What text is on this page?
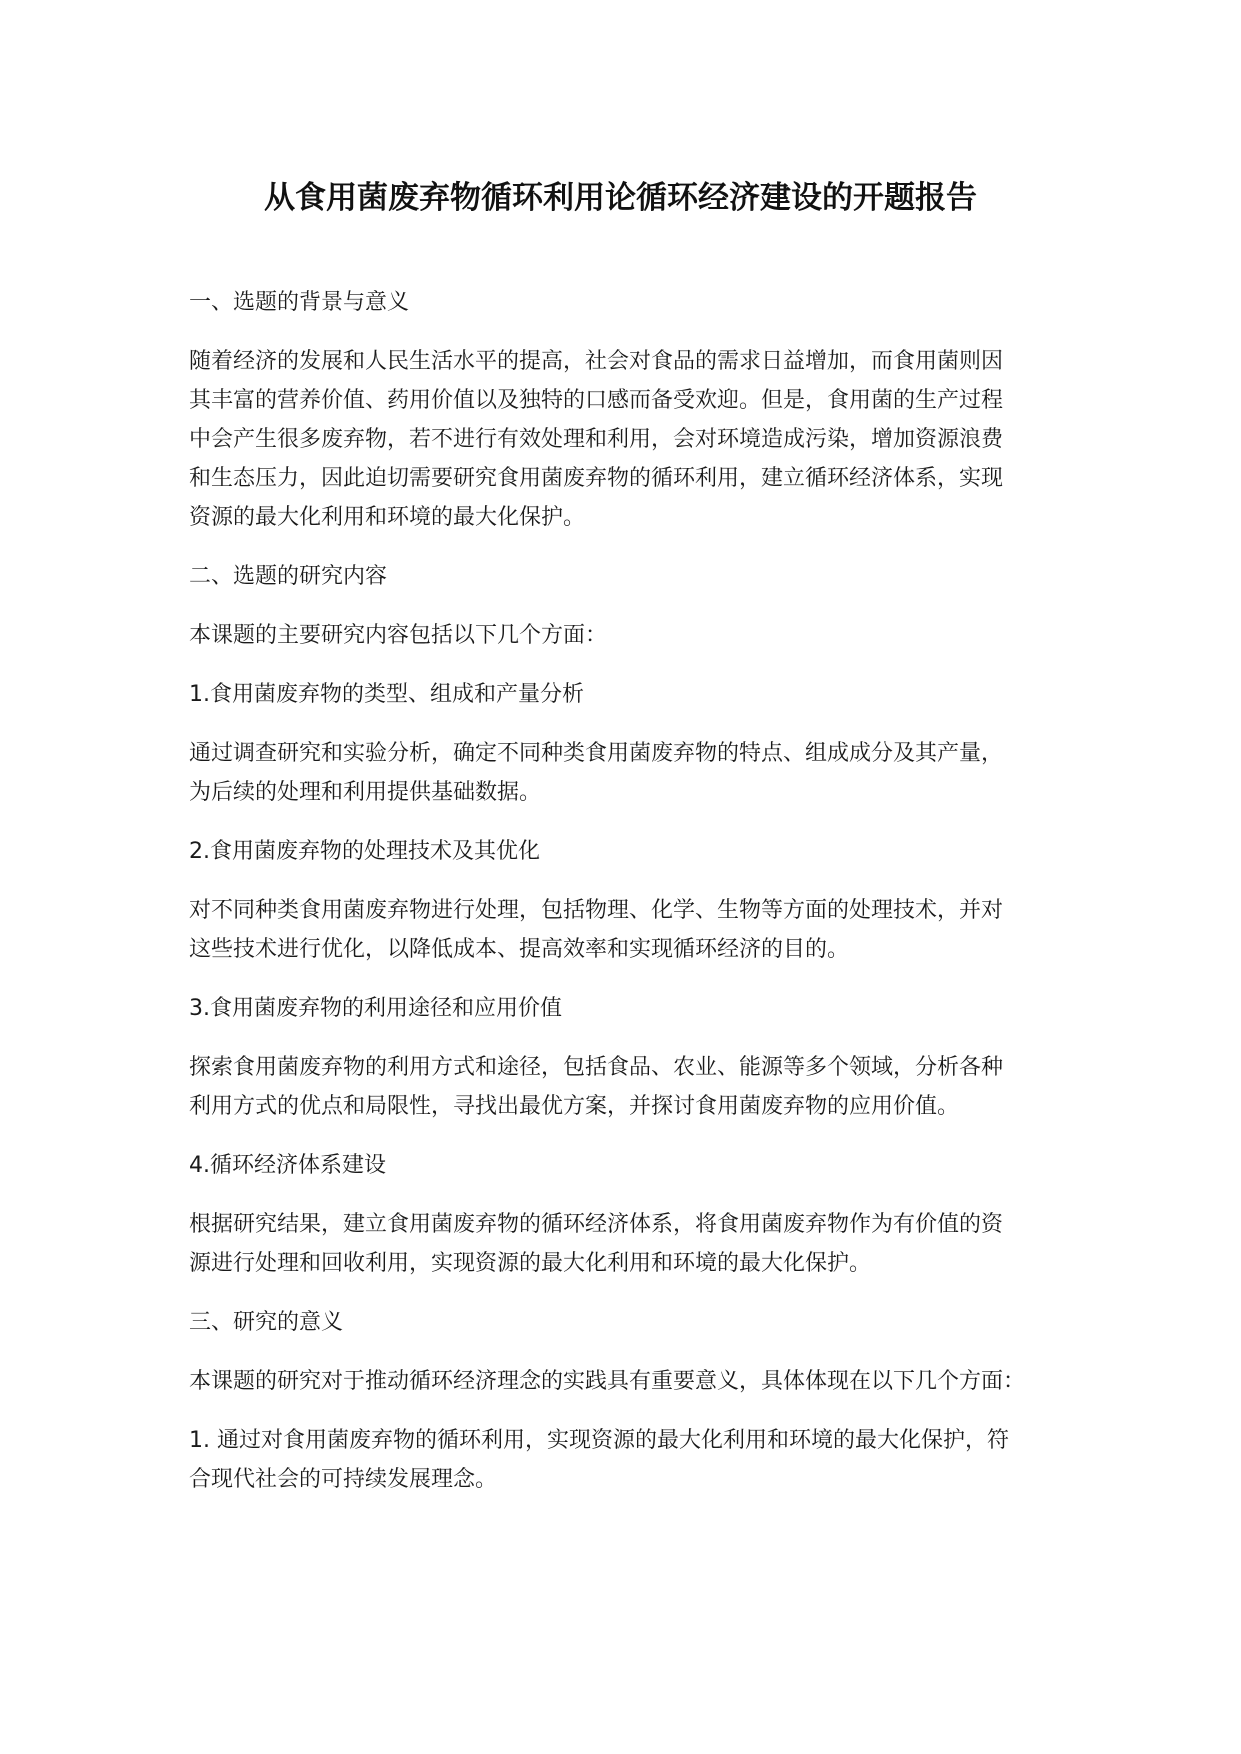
从食用菌废弃物循环利用论循环经济建设的开题报告

一、选题的背景与意义

随着经济的发展和人民生活水平的提高，社会对食品的需求日益增加，而食用菌则因
其丰富的营养价值、药用价值以及独特的口感而备受欢迎。但是，食用菌的生产过程
中会产生很多废弃物，若不进行有效处理和利用，会对环境造成污染，增加资源浪费
和生态压力，因此迫切需要研究食用菌废弃物的循环利用，建立循环经济体系，实现
资源的最大化利用和环境的最大化保护。

二、选题的研究内容

本课题的主要研究内容包括以下几个方面：

1.食用菌废弃物的类型、组成和产量分析

通过调查研究和实验分析，确定不同种类食用菌废弃物的特点、组成成分及其产量，
为后续的处理和利用提供基础数据。

2.食用菌废弃物的处理技术及其优化

对不同种类食用菌废弃物进行处理，包括物理、化学、生物等方面的处理技术，并对
这些技术进行优化，以降低成本、提高效率和实现循环经济的目的。

3.食用菌废弃物的利用途径和应用价值

探索食用菌废弃物的利用方式和途径，包括食品、农业、能源等多个领域，分析各种
利用方式的优点和局限性，寻找出最优方案，并探讨食用菌废弃物的应用价值。

4.循环经济体系建设

根据研究结果，建立食用菌废弃物的循环经济体系，将食用菌废弃物作为有价值的资
源进行处理和回收利用，实现资源的最大化利用和环境的最大化保护。

三、研究的意义

本课题的研究对于推动循环经济理念的实践具有重要意义，具体体现在以下几个方面：

1. 通过对食用菌废弃物的循环利用，实现资源的最大化利用和环境的最大化保护，符
合现代社会的可持续发展理念。
